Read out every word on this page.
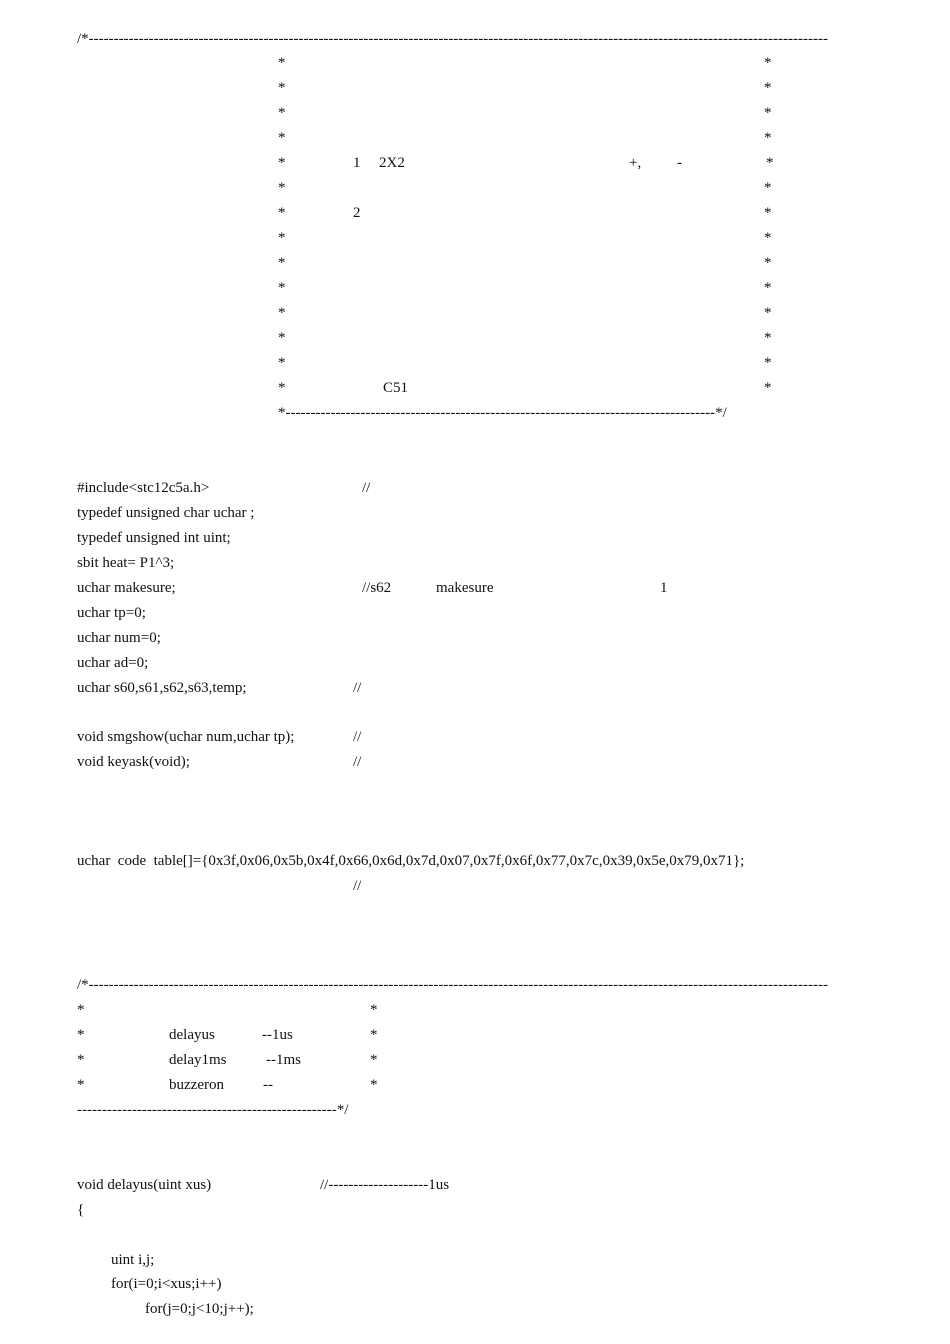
/*----------------------------------------------------------------------------------------------------------------------------------------------------
*
*
*
*
*
*
*
*
*
*
*
*
*
*
*
*
*
*
*
*
*
*
*
*
*
*
*
*
1 2X2	+, -
2
C51
*--------------------------------------------------------------------------------------*/
#include<stc12c5a.h>	//
typedef unsigned char uchar ;
typedef unsigned int uint;
sbit heat= P1^3;
uchar makesure;	//s62	makesure	1
uchar tp=0;
uchar num=0;
uchar ad=0;
uchar s60,s61,s62,s63,temp;	//
void smgshow(uchar num,uchar tp);	//
void keyask(void);	//
uchar  code  table[]={0x3f,0x06,0x5b,0x4f,0x66,0x6d,0x7d,0x07,0x7f,0x6f,0x77,0x7c,0x39,0x5e,0x79,0x71};
//
/*----------------------------------------------------------------------------------------------------------------------------------------------------
*	*
*	delayus	--1us	*
*	delay1ms	--1ms	*
*	buzzeron	--	*
----------------------------------------------------*/
void delayus(uint xus)	//--------------------1us
{
uint i,j;
for(i=0;i<xus;i++)
for(j=0;j<10;j++);
